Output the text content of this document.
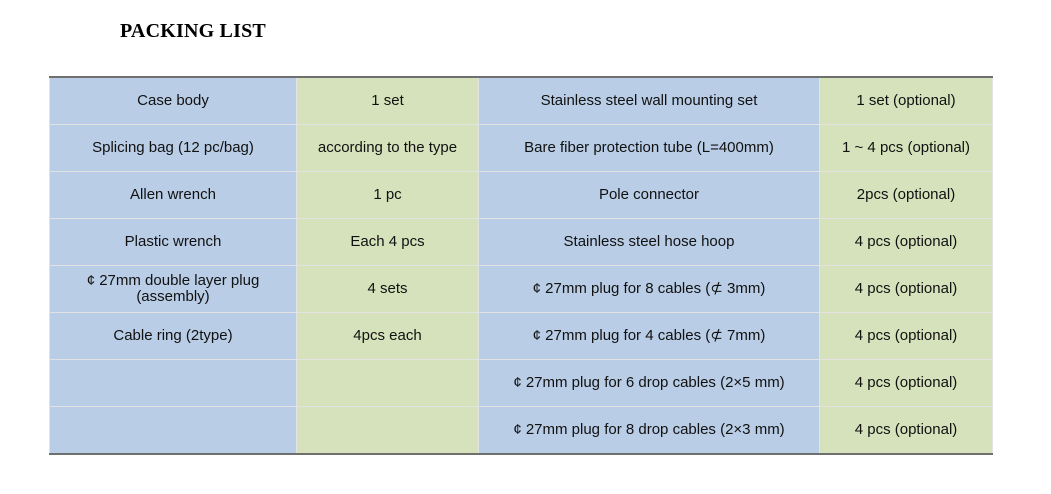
PACKING LIST
Case body	1 set	Stainless steel wall mounting set	1 set (optional)
Splicing bag (12 pc/bag)	according to the type	Bare fiber protection tube (L=400mm)	1 ~ 4 pcs (optional)
Allen wrench	1 pc	Pole connector	2pcs (optional)
Plastic wrench	Each 4 pcs	Stainless steel hose hoop	4 pcs (optional)
¢ 27mm double layer plug (assembly)	4 sets	¢ 27mm plug for 8 cables (⊄ 3mm)	4 pcs (optional)
Cable ring (2type)	4pcs each	¢ 27mm plug for 4 cables (⊄ 7mm)	4 pcs (optional)
		¢ 27mm plug for 6 drop cables (2×5 mm)	4 pcs (optional)
		¢ 27mm plug for 8 drop cables (2×3 mm)	4 pcs (optional)
